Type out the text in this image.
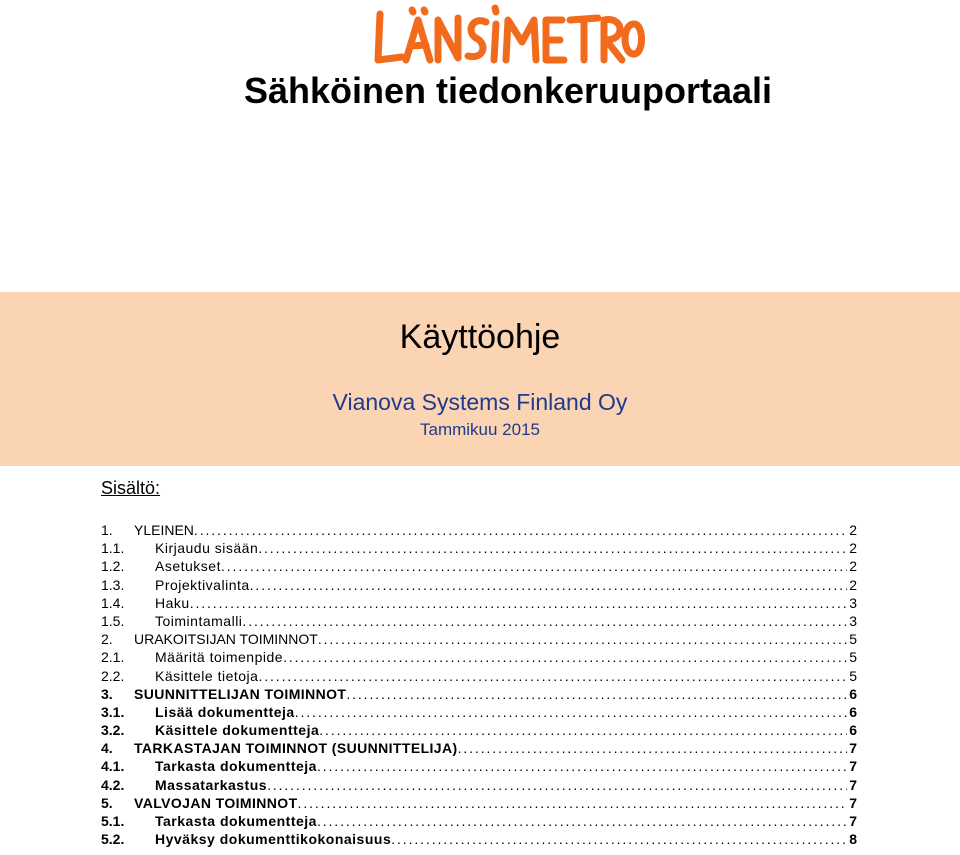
Sähköinen tiedonkeruuportaali
Käyttöohje
Vianova Systems Finland Oy
Tammikuu 2015
Sisältö:
1. YLEINEN . . .	2
1.1. Kirjaudu sisään . . .	2
1.2. Asetukset . . .	2
1.3. Projektivalinta . . .	2
1.4. Haku . . .	3
1.5. Toimintamalli . . .	3
2. URAKOITSIJAN TOIMINNOT . . .	5
2.1. Määritä toimenpide . . .	5
2.2. Käsittele tietoja . . .	5
3. SUUNNITTELIJAN TOIMINNOT . . .	6
3.1. Lisää dokumentteja . . .	6
3.2. Käsittele dokumentteja . . .	6
4. TARKASTAJAN TOIMINNOT (SUUNNITTELIJA) . . .	7
4.1. Tarkasta dokumentteja . . .	7
4.2. Massatarkastus . . .	7
5. VALVOJAN TOIMINNOT . . .	7
5.1. Tarkasta dokumentteja . . .	7
5.2. Hyväksy dokumenttikokonaisuus . . .	8
